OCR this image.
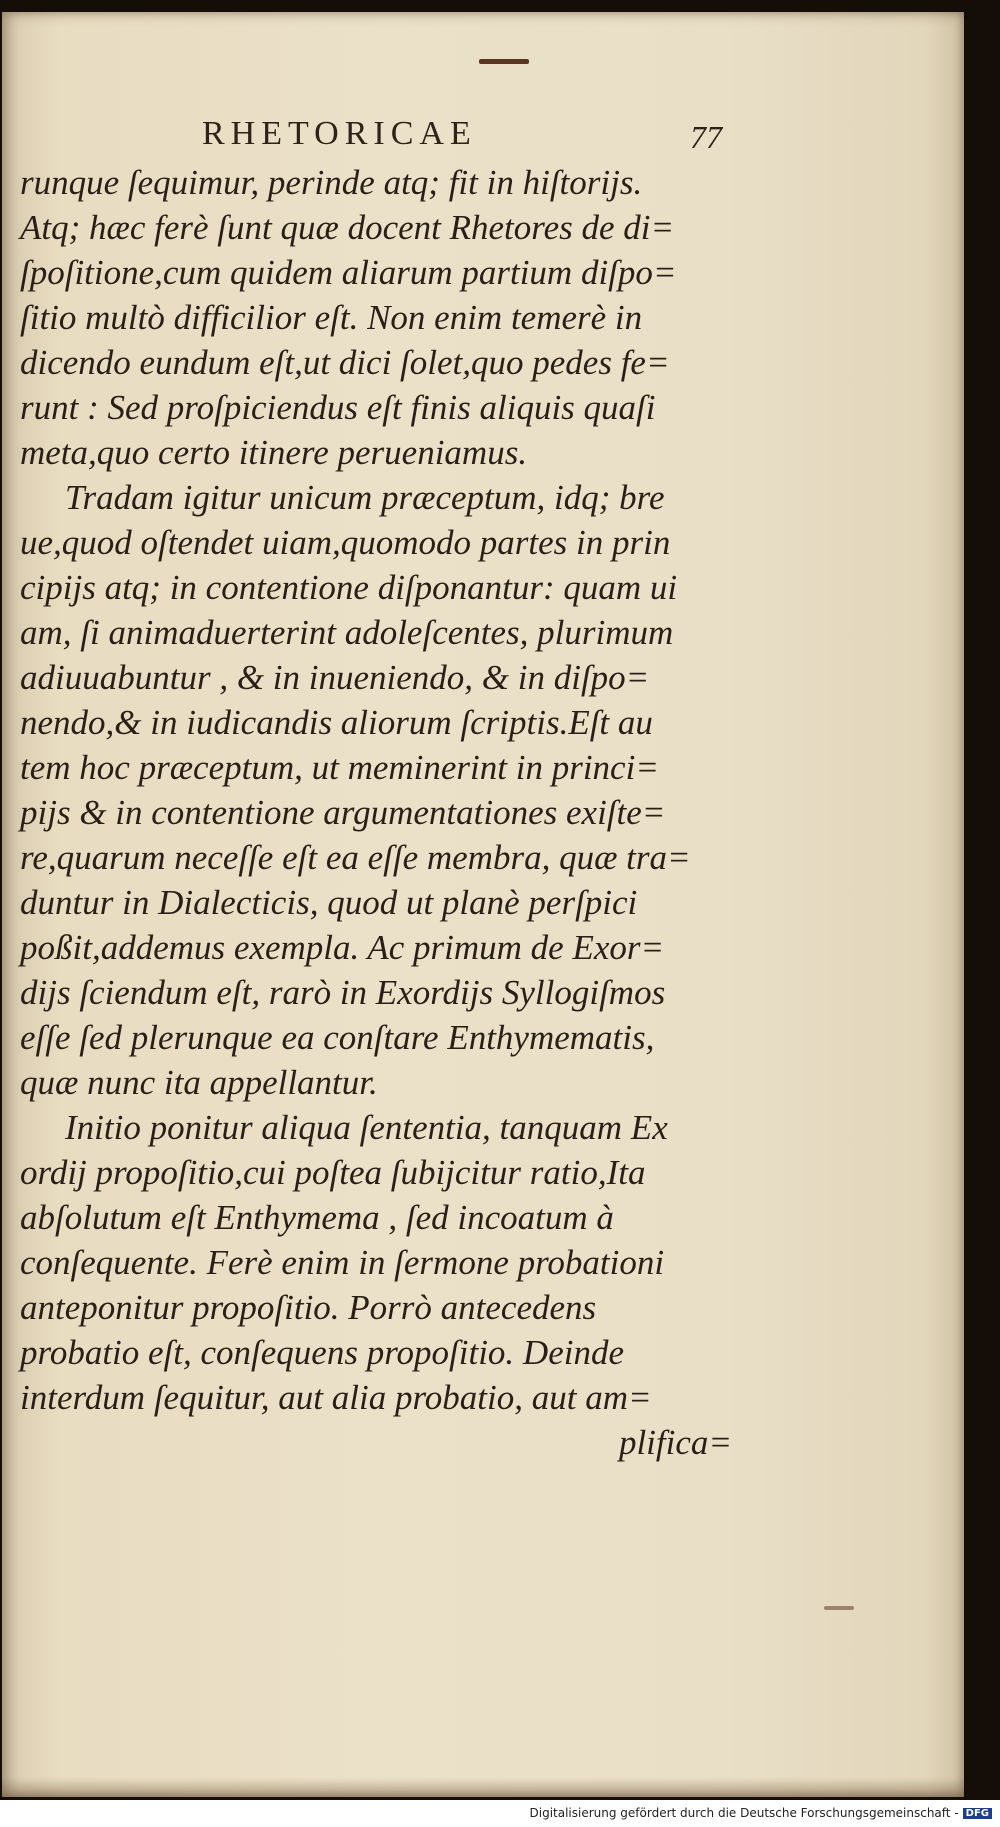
RHETORICAE	77

runque ſequimur, perinde atq; fit in hiſtorijs.
Atq; hæc ferè ſunt quæ docent Rhetores de di=
ſpoſitione,cum quidem aliarum partium diſpo=
ſitio multò difficilior eſt. Non enim temerè in
dicendo eundum eſt,ut dici ſolet,quo pedes fe=
runt : Sed proſpiciendus eſt finis aliquis quaſi
meta,quo certo itinere perueniamus.

Tradam igitur unicum præceptum, idq; bre
ue,quod oſtendet uiam,quomodo partes in prin
cipijs atq; in contentione diſponantur: quam ui
am, ſi animaduerterint adoleſcentes, plurimum
adiuuabuntur , & in inueniendo, & in diſpo=
nendo,& in iudicandis aliorum ſcriptis.Eſt au
tem hoc præceptum, ut meminerint in princi=
pijs & in contentione argumentationes exiſte=
re,quarum neceſſe eſt ea eſſe membra, quæ tra=
duntur in Dialecticis, quod ut planè perſpici
poßit,addemus exempla. Ac primum de Exor=
dijs ſciendum eſt, rarò in Exordijs Syllogiſmos
eſſe ſed plerunque ea conſtare Enthymematis,
quæ nunc ita appellantur.

Initio ponitur aliqua ſententia, tanquam Ex
ordij propoſitio,cui poſtea ſubijcitur ratio,Ita
abſolutum eſt Enthymema , ſed incoatum à
conſequente. Ferè enim in ſermone probationi
anteponitur propoſitio. Porrò antecedens
probatio eſt, conſequens propoſitio. Deinde
interdum ſequitur, aut alia probatio, aut am=

plifica=
Digitalisierung gefördert durch die Deutsche Forschungsgemeinschaft - DFG
